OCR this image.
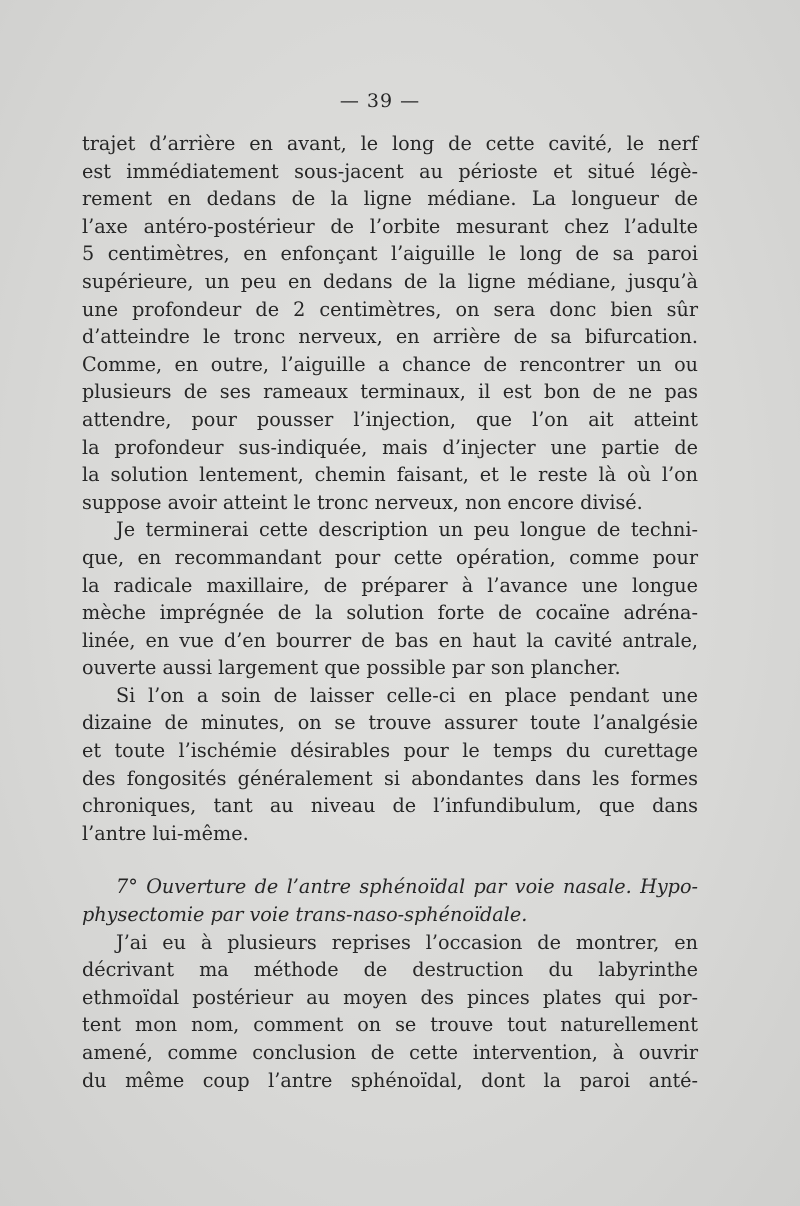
— 39 —
trajet d’arrière en avant, le long de cette cavité, le nerf
est immédiatement sous-jacent au périoste et situé légè-
rement en dedans de la ligne médiane. La longueur de
l’axe antéro-postérieur de l’orbite mesurant chez l’adulte
5 centimètres, en enfonçant l’aiguille le long de sa paroi
supérieure, un peu en dedans de la ligne médiane, jusqu’à
une profondeur de 2 centimètres, on sera donc bien sûr
d’atteindre le tronc nerveux, en arrière de sa bifurcation.
Comme, en outre, l’aiguille a chance de rencontrer un ou
plusieurs de ses rameaux terminaux, il est bon de ne pas
attendre, pour pousser l’injection, que l’on ait atteint
la profondeur sus-indiquée, mais d’injecter une partie de
la solution lentement, chemin faisant, et le reste là où l’on
suppose avoir atteint le tronc nerveux, non encore divisé.
Je terminerai cette description un peu longue de techni-
que, en recommandant pour cette opération, comme pour
la radicale maxillaire, de préparer à l’avance une longue
mèche imprégnée de la solution forte de cocaïne adréna-
linée, en vue d’en bourrer de bas en haut la cavité antrale,
ouverte aussi largement que possible par son plancher.
Si l’on a soin de laisser celle-ci en place pendant une
dizaine de minutes, on se trouve assurer toute l’analgésie
et toute l’ischémie désirables pour le temps du curettage
des fongosités généralement si abondantes dans les formes
chroniques, tant au niveau de l’infundibulum, que dans
l’antre lui-même.
7° Ouverture de l’antre sphénoïdal par voie nasale. Hypo-
physectomie par voie trans-naso-sphénoïdale.
J’ai eu à plusieurs reprises l’occasion de montrer, en
décrivant ma méthode de destruction du labyrinthe
ethmoïdal postérieur au moyen des pinces plates qui por-
tent mon nom, comment on se trouve tout naturellement
amené, comme conclusion de cette intervention, à ouvrir
du même coup l’antre sphénoïdal, dont la paroi anté-
